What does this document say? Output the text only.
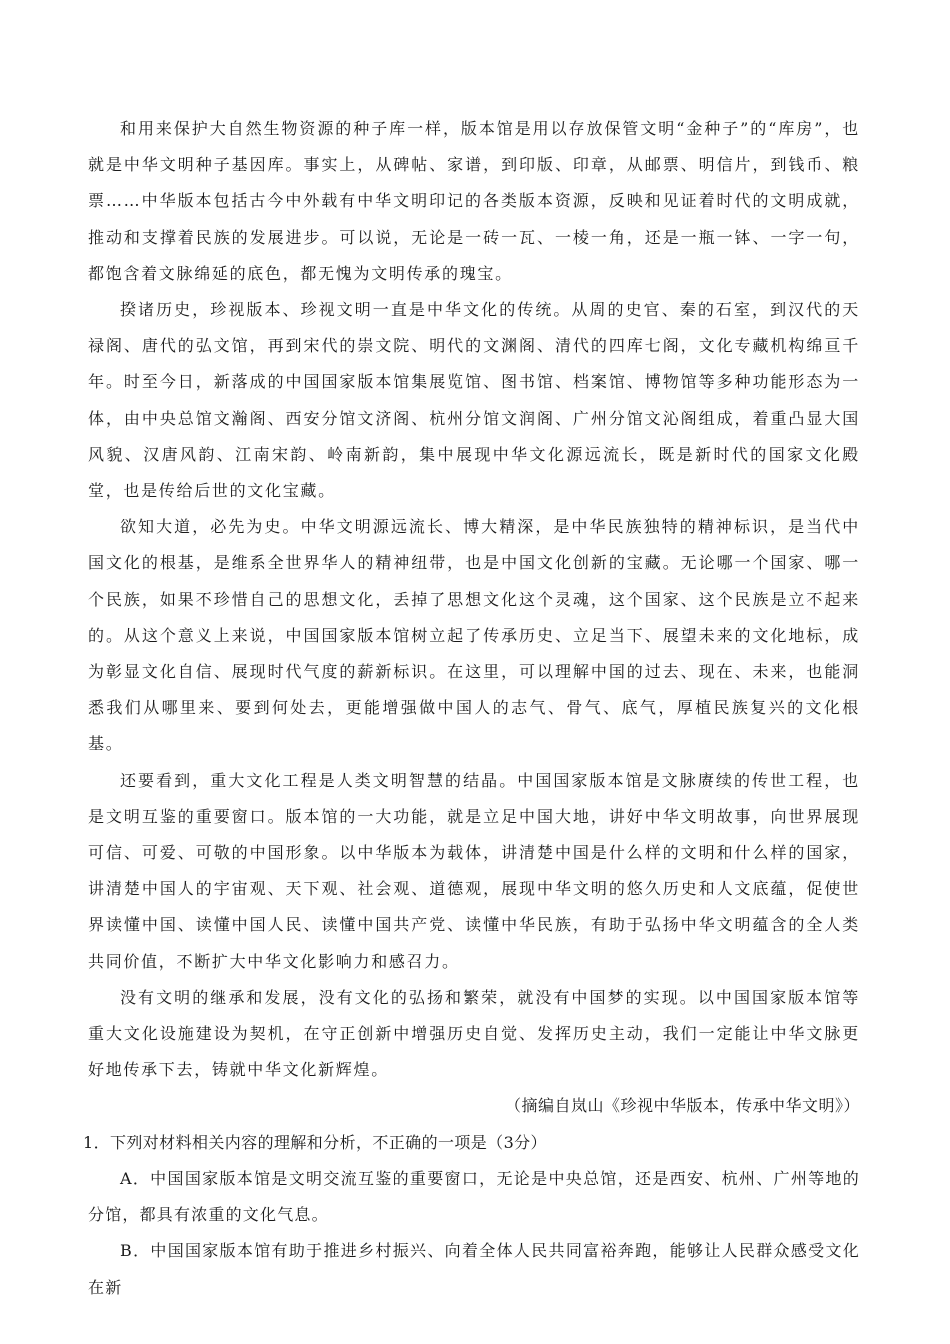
和用来保护大自然生物资源的种子库一样，版本馆是用以存放保管文明“金种子”的“库房”，也就是中华文明种子基因库。事实上，从碑帖、家谱，到印版、印章，从邮票、明信片，到钱币、粮票……中华版本包括古今中外载有中华文明印记的各类版本资源，反映和见证着时代的文明成就，推动和支撑着民族的发展进步。可以说，无论是一砖一瓦、一棱一角，还是一瓶一钵、一字一句，都饱含着文脉绵延的底色，都无愧为文明传承的瑰宝。

揆诸历史，珍视版本、珍视文明一直是中华文化的传统。从周的史官、秦的石室，到汉代的天禄阁、唐代的弘文馆，再到宋代的崇文院、明代的文渊阁、清代的四库七阁，文化专藏机构绵亘千年。时至今日，新落成的中国国家版本馆集展览馆、图书馆、档案馆、博物馆等多种功能形态为一体，由中央总馆文瀚阁、西安分馆文济阁、杭州分馆文润阁、广州分馆文沁阁组成，着重凸显大国风貌、汉唐风韵、江南宋韵、岭南新韵，集中展现中华文化源远流长，既是新时代的国家文化殿堂，也是传给后世的文化宝藏。

欲知大道，必先为史。中华文明源远流长、博大精深，是中华民族独特的精神标识，是当代中国文化的根基，是维系全世界华人的精神纽带，也是中国文化创新的宝藏。无论哪一个国家、哪一个民族，如果不珍惜自己的思想文化，丢掉了思想文化这个灵魂，这个国家、这个民族是立不起来的。从这个意义上来说，中国国家版本馆树立起了传承历史、立足当下、展望未来的文化地标，成为彰显文化自信、展现时代气度的薪新标识。在这里，可以理解中国的过去、现在、未来，也能洞悉我们从哪里来、要到何处去，更能增强做中国人的志气、骨气、底气，厚植民族复兴的文化根基。

还要看到，重大文化工程是人类文明智慧的结晶。中国国家版本馆是文脉赓续的传世工程，也是文明互鉴的重要窗口。版本馆的一大功能，就是立足中国大地，讲好中华文明故事，向世界展现可信、可爱、可敬的中国形象。以中华版本为载体，讲清楚中国是什么样的文明和什么样的国家，讲清楚中国人的宇宙观、天下观、社会观、道德观，展现中华文明的悠久历史和人文底蕴，促使世界读懂中国、读懂中国人民、读懂中国共产党、读懂中华民族，有助于弘扬中华文明蕴含的全人类共同价值，不断扩大中华文化影响力和感召力。

没有文明的继承和发展，没有文化的弘扬和繁荣，就没有中国梦的实现。以中国国家版本馆等重大文化设施建设为契机，在守正创新中增强历史自觉、发挥历史主动，我们一定能让中华文脉更好地传承下去，铸就中华文化新辉煌。

（摘编自岚山《珍视中华版本，传承中华文明》）

1．下列对材料相关内容的理解和分析，不正确的一项是（3分）

A．中国国家版本馆是文明交流互鉴的重要窗口，无论是中央总馆，还是西安、杭州、广州等地的分馆，都具有浓重的文化气息。

B．中国国家版本馆有助于推进乡村振兴、向着全体人民共同富裕奔跑，能够让人民群众感受文化在新
